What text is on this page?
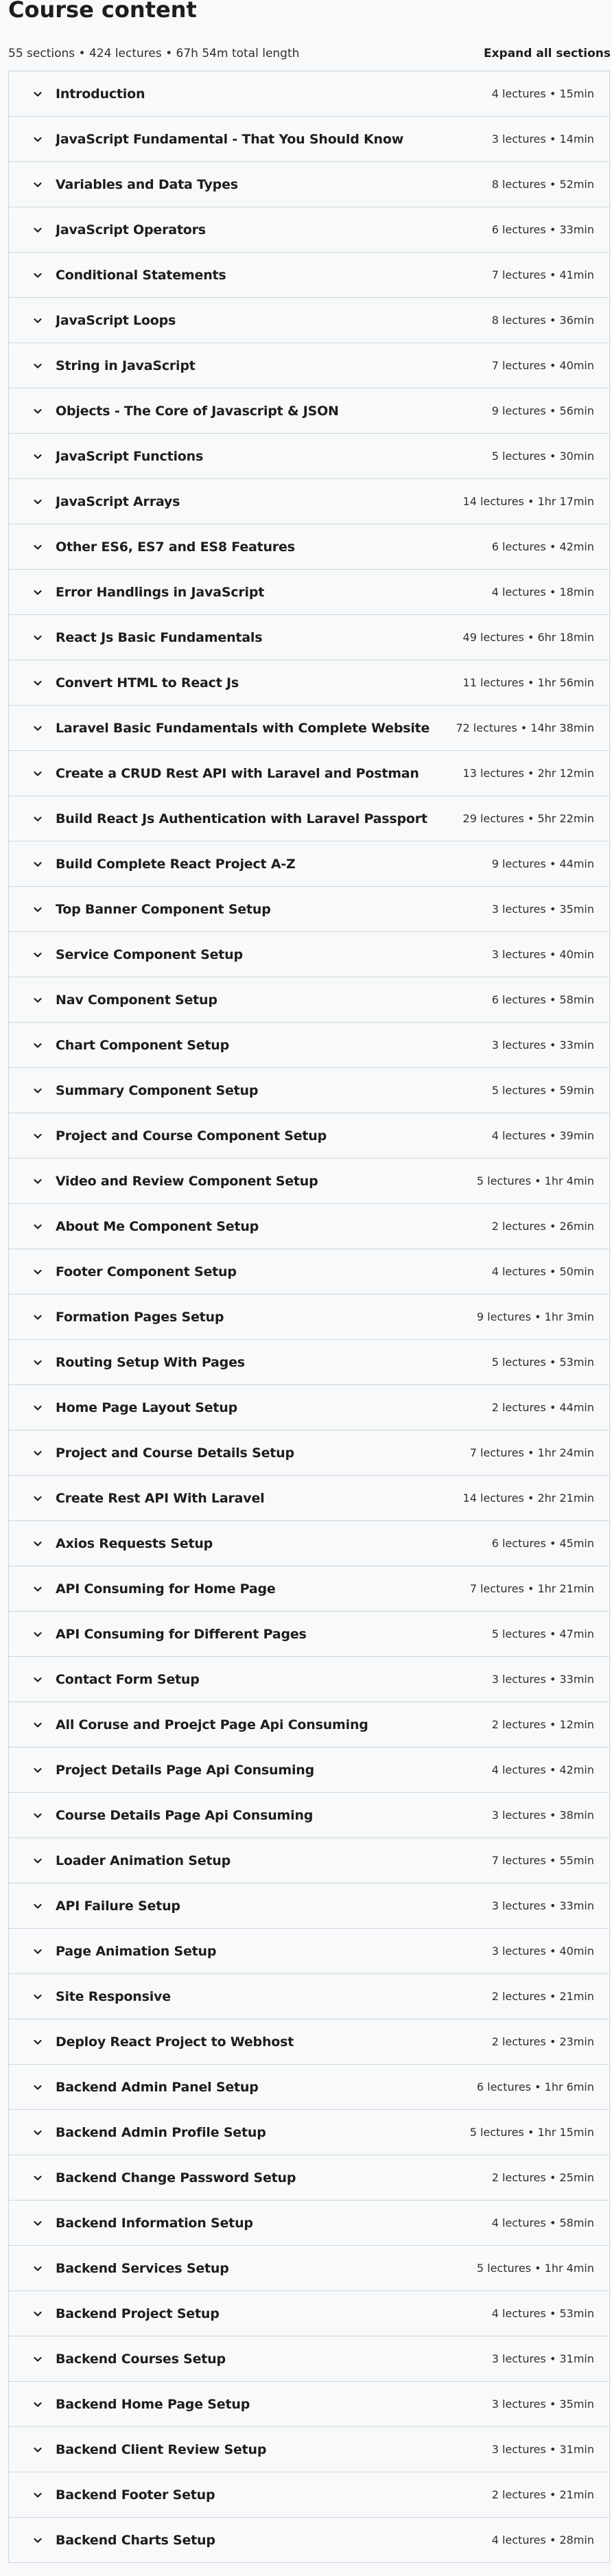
Course content
55 sections • 424 lectures • 67h 54m total length	Expand all sections
Introduction	4 lectures • 15min
JavaScript Fundamental - That You Should Know	3 lectures • 14min
Variables and Data Types	8 lectures • 52min
JavaScript Operators	6 lectures • 33min
Conditional Statements	7 lectures • 41min
JavaScript Loops	8 lectures • 36min
String in JavaScript	7 lectures • 40min
Objects - The Core of Javascript & JSON	9 lectures • 56min
JavaScript Functions	5 lectures • 30min
JavaScript Arrays	14 lectures • 1hr 17min
Other ES6, ES7 and ES8 Features	6 lectures • 42min
Error Handlings in JavaScript	4 lectures • 18min
React Js Basic Fundamentals	49 lectures • 6hr 18min
Convert HTML to React Js	11 lectures • 1hr 56min
Laravel Basic Fundamentals with Complete Website	72 lectures • 14hr 38min
Create a CRUD Rest API with Laravel and Postman	13 lectures • 2hr 12min
Build React Js Authentication with Laravel Passport	29 lectures • 5hr 22min
Build Complete React Project A-Z	9 lectures • 44min
Top Banner Component Setup	3 lectures • 35min
Service Component Setup	3 lectures • 40min
Nav Component Setup	6 lectures • 58min
Chart Component Setup	3 lectures • 33min
Summary Component Setup	5 lectures • 59min
Project and Course Component Setup	4 lectures • 39min
Video and Review Component Setup	5 lectures • 1hr 4min
About Me Component Setup	2 lectures • 26min
Footer Component Setup	4 lectures • 50min
Formation Pages Setup	9 lectures • 1hr 3min
Routing Setup With Pages	5 lectures • 53min
Home Page Layout Setup	2 lectures • 44min
Project and Course Details Setup	7 lectures • 1hr 24min
Create Rest API With Laravel	14 lectures • 2hr 21min
Axios Requests Setup	6 lectures • 45min
API Consuming for Home Page	7 lectures • 1hr 21min
API Consuming for Different Pages	5 lectures • 47min
Contact Form Setup	3 lectures • 33min
All Coruse and Proejct Page Api Consuming	2 lectures • 12min
Project Details Page Api Consuming	4 lectures • 42min
Course Details Page Api Consuming	3 lectures • 38min
Loader Animation Setup	7 lectures • 55min
API Failure Setup	3 lectures • 33min
Page Animation Setup	3 lectures • 40min
Site Responsive	2 lectures • 21min
Deploy React Project to Webhost	2 lectures • 23min
Backend Admin Panel Setup	6 lectures • 1hr 6min
Backend Admin Profile Setup	5 lectures • 1hr 15min
Backend Change Password Setup	2 lectures • 25min
Backend Information Setup	4 lectures • 58min
Backend Services Setup	5 lectures • 1hr 4min
Backend Project Setup	4 lectures • 53min
Backend Courses Setup	3 lectures • 31min
Backend Home Page Setup	3 lectures • 35min
Backend Client Review Setup	3 lectures • 31min
Backend Footer Setup	2 lectures • 21min
Backend Charts Setup	4 lectures • 28min
